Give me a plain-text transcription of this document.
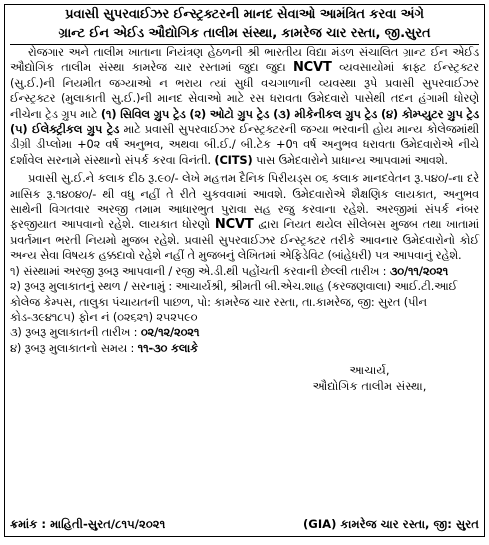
પ્રવાસી સુપરવાઈઝર ઈન્સ્ટ્રક્ટરની માનદ સેવાઓ આમંત્રિત કરવા અંગે
ગ્રાન્ટ ઈન એઈડ ઔદ્યોગિક તાલીમ સંસ્થા, કામરેજ ચાર રસ્તા, જી.સુરત
રોજગાર અને તાલીમ ખાતાના નિયંત્રણ હેઠળની શ્રી ભારતીય વિદ્યા મંડળ સંચાલિત ગ્રાન્ટ ઈન એઈડ ઔદ્યોગિક તાલીમ સંસ્થા કામરેજ ચાર રસ્તામાં જુદા જુદા NCVT વ્યવસાયોમાં ક્રાફ્ટ ઈન્સ્ટ્રક્ટર (સુ.ઈ.)ની નિયમીત જગ્યાઓ ન ભરાય ત્યાં સુધી વચગાળાની વ્યવસ્થા રૂપે પ્રવાસી સુપરવાઈઝર ઈન્સ્ટ્રક્ટર (મુલાકાતી સુ.ઈ.)ની માનદ સેવાઓ માટે રસ ધરાવતા ઉમેદવારો પાસેથી તદન હંગામી ધોરણે નીચેના ટ્રેડ ગ્રુપ માટે (૧) સિવિલ ગ્રુપ ટ્રેડ (૨) ઓટો ગ્રુપ ટ્રેડ (૩) મીકેનીકલ ગ્રુપ ટ્રેડ (૪) કોમ્પ્યુટર ગ્રુપ ટ્રેડ (૫) ઈલેક્ટ્રીકલ ગ્રુપ ટ્રેડ માટે પ્રવાસી સુપરવાઈઝર ઈન્સ્ટ્રક્ટરની જગ્યા ભરવાની હોય માન્ય કોલેજમાંથી ડીગ્રી ડીપ્લોમા +0૨ વર્ષ અનુભવ, અથવા બી.ઈ./ બી.ટેક +0૧ વર્ષ અનુભવ ધરાવતા ઉમેદવારોએ નીચે દર્શાવેલ સરનામે સંસ્થાનો સંપર્ક કરવા વિનંતી. (CITS) પાસ ઉમેદવારોને પ્રાધાન્ય આપવામાં આવશે.
પ્રવાસી સુ.ઈ.ને કલાક દીઠ રૂ.૯૦/- લેખે મહત્તમ દૈનિક પિરીયડ્સ ૦૬ કલાક માનદવેતન રૂ.૫૪૦/-ના દરે માસિક રૂ.૧૪૦૪૦/- થી વધુ નહીં તે રીતે ચુકવવામાં આવશે. ઉમેદવારોએ શૈક્ષણિક લાયકાત, અનુભવ સાથેની વિગતવાર અરજી તમામ આધારભુત પુરાવા સહ રજુ કરવાના રહેશે. અરજીમાં સંપર્ક નંબર ફરજીયાત આપવાનો રહેશે. લાયકાત ધોરણો NCVT દ્વારા નિયત થયેલ સીલેબસ મુજબ તથા ખાતામાં પ્રવર્તમાન ભરતી નિયમો મુજબ રહેશે. પ્રવાસી સુપરવાઈઝર ઈન્સ્ટ્રક્ટર તરીકે આવનાર ઉમેદવારોનો કોઈ અન્ય સેવા વિષયક હક્કદાવો રહેશે નહીં તે મુજબનું લેખિતમાં એફિડેવિટ (બાંહેધરી) પત્ર આપવાનું રહેશે.
૧) સંસ્થામાં અરજી રૂબરૂ આપવાની / રજી એ.ડી.થી પહોંચતી કરવાની છેલ્લી તારીખ : ૩૦/૧૧/૨૦૨૧
૨) રૂબરૂ મુલાકાતનું સ્થળ / સરનામું : આચાર્યશ્રી, શ્રીમતી બી.એચ.શાહ (કરજણવાલા) આઈ.ટી.આઈ કોલેજ કેમ્પસ, તાલુકા પંચાયતની પાછળ, પો: કામરેજ ચાર રસ્તા, તા.કામરેજ, જી: સુરત (પીન કોડ-૩૯૪૧૮૫) ફોન નં (૦૨૬૨૧) ૨૫૨૫૯૦
૩) રૂબરૂ મુલાકાતની તારીખ : ૦૨/૧૨/૨૦૨૧
૪) રૂબરૂ મુલાકાતનો સમય : ૧૧-૩૦ કલાકે
આચાર્ય,
ઔદ્યોગિક તાલીમ સંસ્થા,
ક્રમાંક : માહિતી-સુરત/૮૧૫/૨૦૨૧	(GIA) કામરેજ ચાર રસ્તા, જી: સુરત
